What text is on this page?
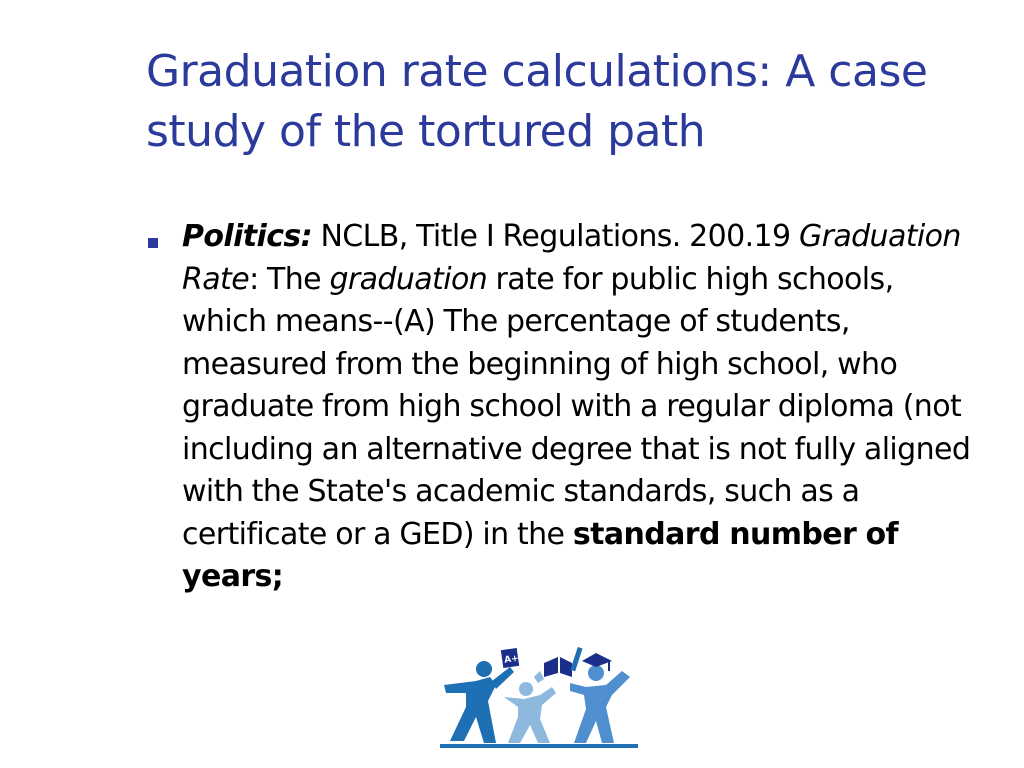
Graduation rate calculations: A case study of the tortured path
Politics: NCLB, Title I Regulations. 200.19 Graduation Rate: The graduation rate for public high schools, which means--(A) The percentage of students, measured from the beginning of high school, who graduate from high school with a regular diploma (not including an alternative degree that is not fully aligned with the State's academic standards, such as a certificate or a GED) in the standard number of years;
A+
